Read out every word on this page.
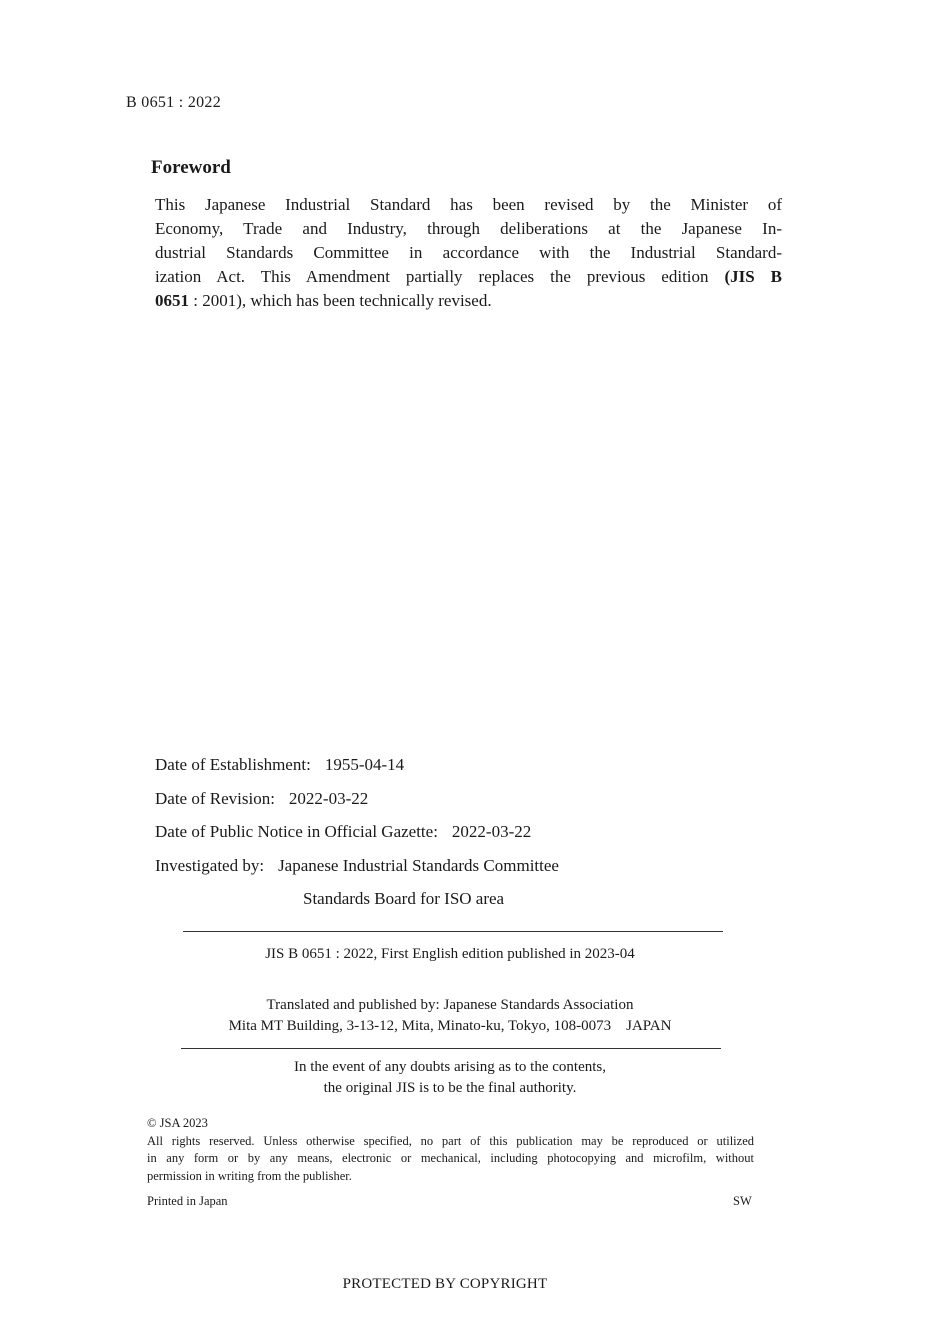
B 0651 : 2022
Foreword
This Japanese Industrial Standard has been revised by the Minister of
Economy, Trade and Industry, through deliberations at the Japanese In-
dustrial Standards Committee in accordance with the Industrial Standard-
ization Act. This Amendment partially replaces the previous edition (JIS B
0651 : 2001), which has been technically revised.
Date of Establishment: 1955-04-14
Date of Revision: 2022-03-22
Date of Public Notice in Official Gazette: 2022-03-22
Investigated by: Japanese Industrial Standards Committee
Standards Board for ISO area
JIS B 0651 : 2022, First English edition published in 2023-04
Translated and published by: Japanese Standards Association
Mita MT Building, 3-13-12, Mita, Minato-ku, Tokyo, 108-0073　JAPAN
In the event of any doubts arising as to the contents,
the original JIS is to be the final authority.
© JSA 2023
All rights reserved. Unless otherwise specified, no part of this publication may be reproduced or utilized
in any form or by any means, electronic or mechanical, including photocopying and microfilm, without
permission in writing from the publisher.
Printed in Japan	SW
PROTECTED BY COPYRIGHT
